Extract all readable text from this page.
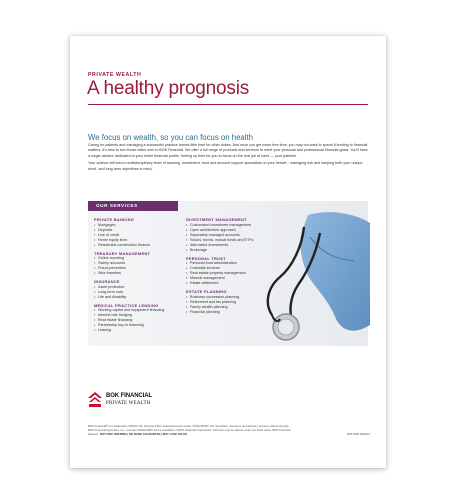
PRIVATE WEALTH
A healthy prognosis
We focus on wealth, so you can focus on health

Caring for patients and managing a successful practice leaves little time for other duties. And once you get some free time, you may not want to spend it tending to financial matters. It's time to turn those tasks over to BOK Financial. We offer a full range of products and services to meet your personal and professional financial goals. You'll have a single advisor dedicated to your entire financial profile, freeing up time for you to focus on the real job at hand — your patients.

Your advisor will lead a multidisciplinary team of banking, investment, trust and account support specialists on your behalf – managing risk and keeping both your unique short- and long-term objectives in mind.

OUR SERVICES
PRIVATE BANKING
• Mortgages
• Deposits
• Line of credit
• Home equity lines
• Residential construction finance
TREASURY MANAGEMENT
• Online reporting
• Sweep accounts
• Fraud prevention
• Wire transfers
INSURANCE
• Asset protection
• Long-term care
• Life and disability
MEDICAL PRACTICE LENDING
• Working capital and equipment financing
• Interest rate hedging
• Real estate financing
• Partnership buy-in financing
• Leasing
INVESTMENT MANAGEMENT
• Customized investment management
• Open architecture approach
• Separately managed accounts
• Stocks, bonds, mutual funds and ETFs
• Alternative investments
• Brokerage
PERSONAL TRUST
• Personal trust administration
• Custodial services
• Real estate property management
• Mineral management
• Estate settlement
ESTATE PLANNING
• Business succession planning
• Retirement and tax planning
• Family wealth planning
• Financial planning
BOK FINANCIAL
PRIVATE WEALTH
BOK Financial® is a trademark of BOKF NA. Member FDIC. Equal Housing Lender. ©2022 BOKF NA. Securities, insurance and advisory services offered through
BOK Financial Securities, Inc., member FINRA/SIPC and a subsidiary of BOK Financial Corporation. Services may be offered under our trade name, BOK Financial
advisors. NOT FDIC INSURED | NO BANK GUARANTEE | MAY LOSE VALUE	WM-5228 08/2022
